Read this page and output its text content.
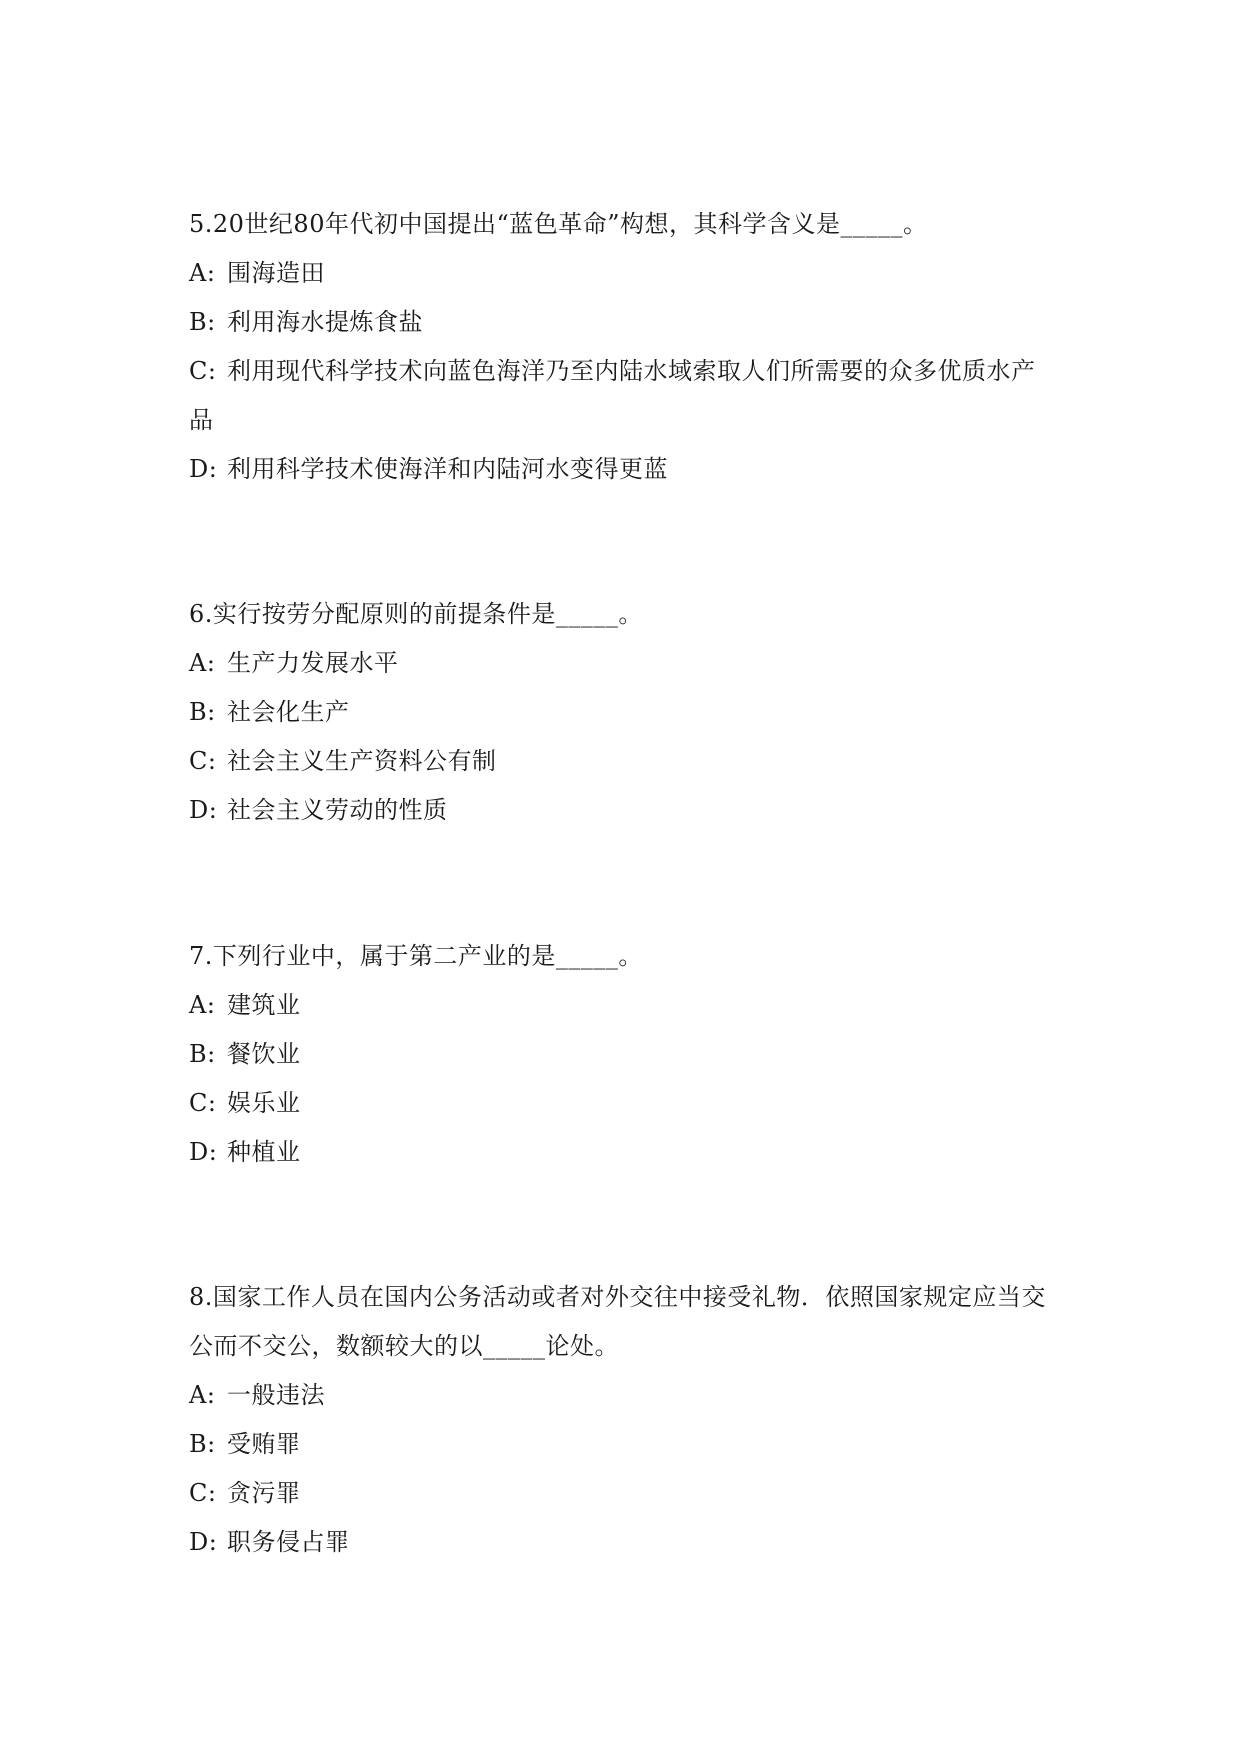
5.20世纪80年代初中国提出“蓝色革命”构想，其科学含义是_____。

A: 围海造田

B: 利用海水提炼食盐

C: 利用现代科学技术向蓝色海洋乃至内陆水域索取人们所需要的众多优质水产品

D: 利用科学技术使海洋和内陆河水变得更蓝

6.实行按劳分配原则的前提条件是_____。

A: 生产力发展水平

B: 社会化生产

C: 社会主义生产资料公有制

D: 社会主义劳动的性质

7.下列行业中，属于第二产业的是_____。

A: 建筑业

B: 餐饮业

C: 娱乐业

D: 种植业

8.国家工作人员在国内公务活动或者对外交往中接受礼物．依照国家规定应当交公而不交公，数额较大的以_____论处。

A: 一般违法

B: 受贿罪

C: 贪污罪

D: 职务侵占罪
